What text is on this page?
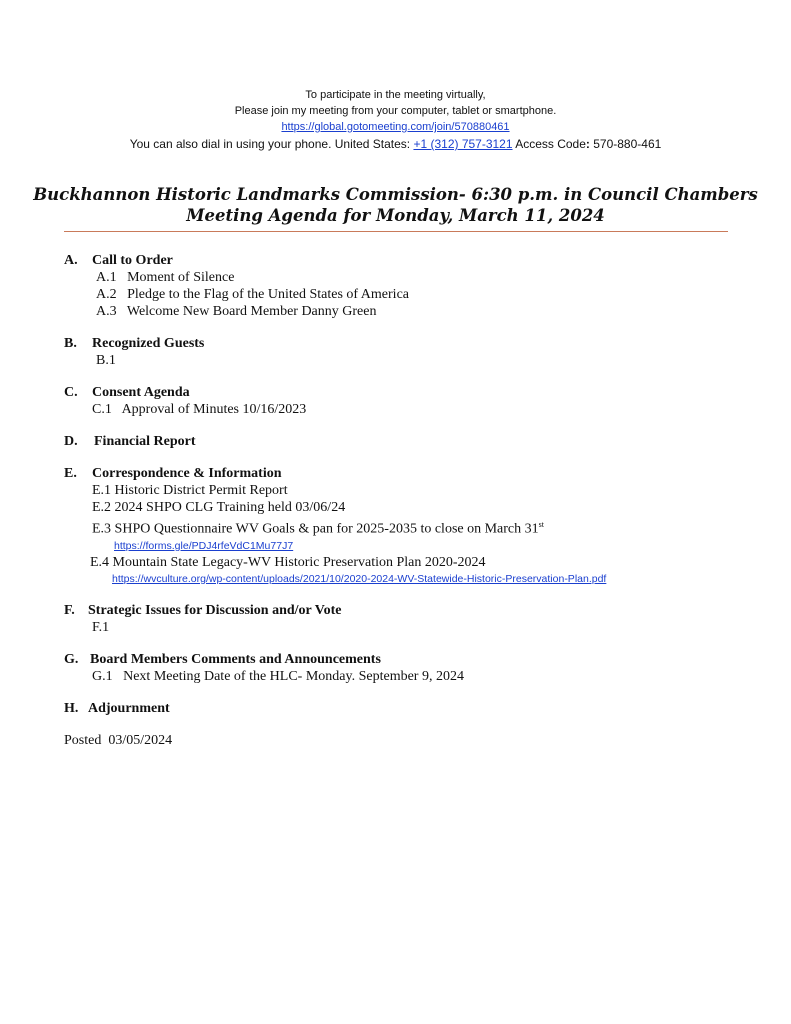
To participate in the meeting virtually,
Please join my meeting from your computer, tablet or smartphone.
https://global.gotomeeting.com/join/570880461
You can also dial in using your phone. United States: +1 (312) 757-3121 Access Code: 570-880-461
Buckhannon Historic Landmarks Commission- 6:30 p.m. in Council Chambers
Meeting Agenda for Monday, March 11, 2024
A.	Call to Order
A.1   Moment of Silence
A.2   Pledge to the Flag of the United States of America
A.3   Welcome New Board Member Danny Green
B.	Recognized Guests
B.1
C.	Consent Agenda
C.1   Approval of Minutes 10/16/2023
D.	Financial Report
E.	Correspondence & Information
E.1 Historic District Permit Report
E.2 2024 SHPO CLG Training held 03/06/24
E.3 SHPO Questionnaire WV Goals & pan for 2025-2035 to close on March 31st
https://forms.gle/PDJ4rfeVdC1Mu77J7
E.4 Mountain State Legacy-WV Historic Preservation Plan 2020-2024
https://wvculture.org/wp-content/uploads/2021/10/2020-2024-WV-Statewide-Historic-Preservation-Plan.pdf
F. Strategic Issues for Discussion and/or Vote
F.1
G. Board Members Comments and Announcements
G.1   Next Meeting Date of the HLC- Monday. September 9, 2024
H. Adjournment
Posted  03/05/2024
